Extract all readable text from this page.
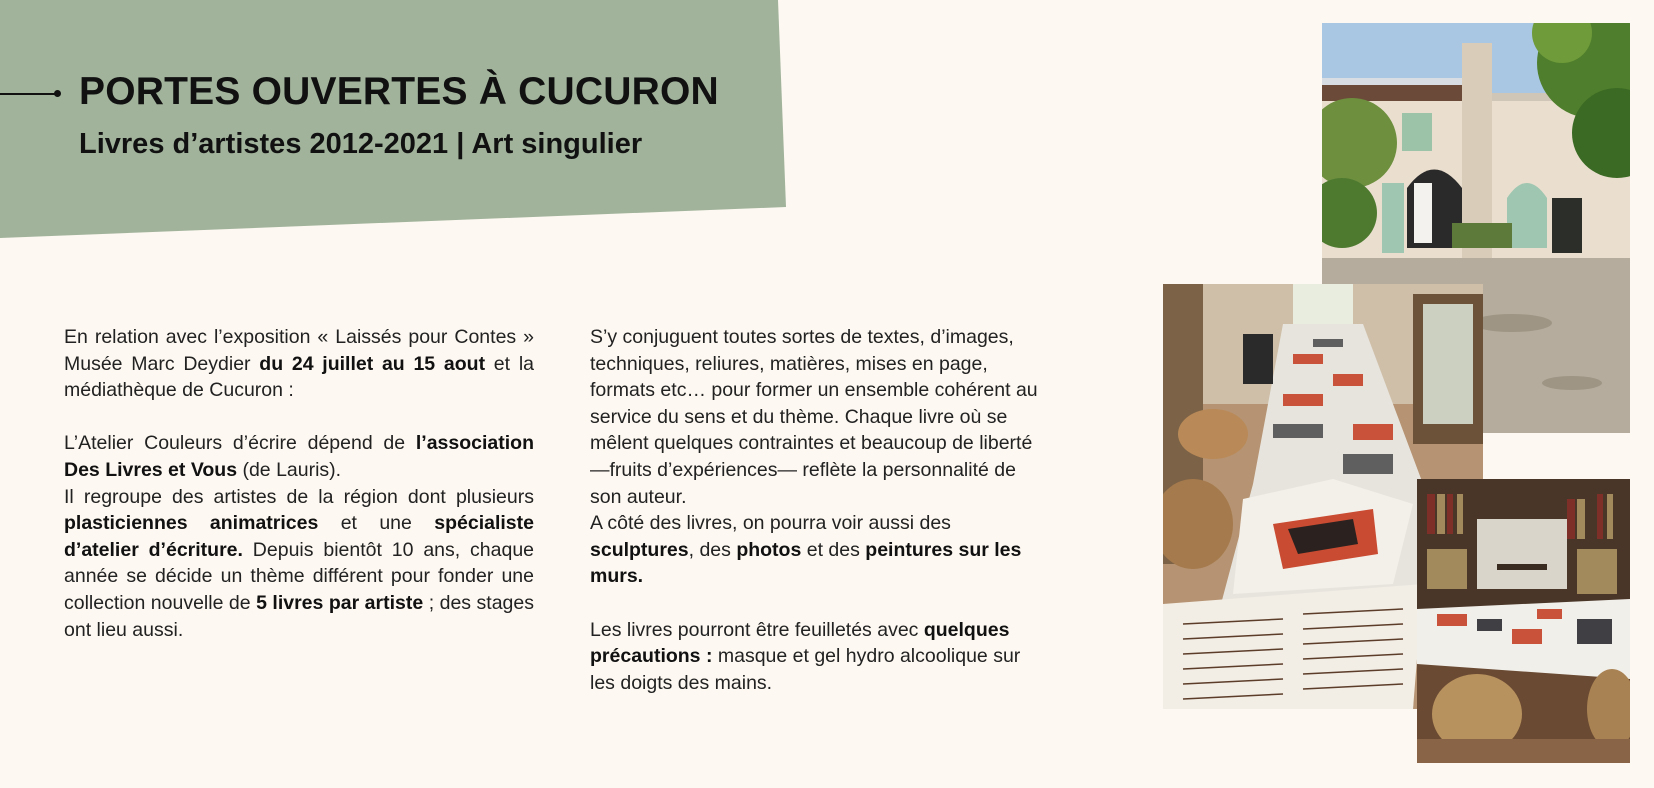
PORTES OUVERTES À CUCURON
Livres d’artistes 2012-2021 | Art singulier

En relation avec l’exposition « Laissés pour Contes » Musée Marc Deydier du 24 juillet au 15 aout et la médiathèque de Cucuron :

L’Atelier Couleurs d’écrire dépend de l’association Des Livres et Vous (de Lauris).
Il regroupe des artistes de la région dont plusieurs plasticiennes animatrices et une spécialiste d’atelier d’écriture. Depuis bientôt 10 ans, chaque année se décide un thème différent pour fonder une collection nouvelle de 5 livres par artiste ; des stages ont lieu aussi.

S’y conjuguent toutes sortes de textes, d’images, techniques, reliures, matières, mises en page, formats etc… pour former un ensemble cohérent au service du sens et du thème. Chaque livre où se mêlent quelques contraintes et beaucoup de liberté —fruits d’expériences— reflète la personnalité de son auteur.
A côté des livres, on pourra voir aussi des sculptures, des photos et des peintures sur les murs.

Les livres pourront être feuilletés avec quelques précautions : masque et gel hydro alcoolique sur les doigts des mains.
